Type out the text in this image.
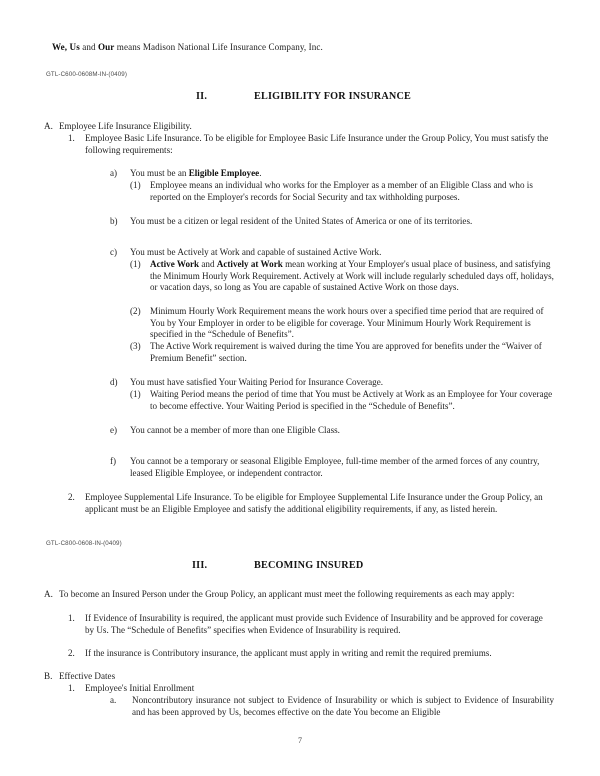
We, Us and Our means Madison National Life Insurance Company, Inc.
GTL-C600-0608M-IN-(0409)
II.	ELIGIBILITY FOR INSURANCE
A. Employee Life Insurance Eligibility.
1.	Employee Basic Life Insurance. To be eligible for Employee Basic Life Insurance under the Group Policy, You must satisfy the following requirements:
a)	You must be an Eligible Employee.
(1)	Employee means an individual who works for the Employer as a member of an Eligible Class and who is reported on the Employer's records for Social Security and tax withholding purposes.
b)	You must be a citizen or legal resident of the United States of America or one of its territories.
c)	You must be Actively at Work and capable of sustained Active Work.
(1)	Active Work and Actively at Work mean working at Your Employer's usual place of business, and satisfying the Minimum Hourly Work Requirement. Actively at Work will include regularly scheduled days off, holidays, or vacation days, so long as You are capable of sustained Active Work on those days.
(2)	Minimum Hourly Work Requirement means the work hours over a specified time period that are required of You by Your Employer in order to be eligible for coverage. Your Minimum Hourly Work Requirement is specified in the “Schedule of Benefits”.
(3)	The Active Work requirement is waived during the time You are approved for benefits under the “Waiver of Premium Benefit” section.
d)	You must have satisfied Your Waiting Period for Insurance Coverage.
(1)	Waiting Period means the period of time that You must be Actively at Work as an Employee for Your coverage to become effective. Your Waiting Period is specified in the “Schedule of Benefits”.
e)	You cannot be a member of more than one Eligible Class.
f)	You cannot be a temporary or seasonal Eligible Employee, full-time member of the armed forces of any country, leased Eligible Employee, or independent contractor.
2.	Employee Supplemental Life Insurance. To be eligible for Employee Supplemental Life Insurance under the Group Policy, an applicant must be an Eligible Employee and satisfy the additional eligibility requirements, if any, as listed herein.
GTL-C800-0608-IN-(0409)
III.	BECOMING INSURED
A. To become an Insured Person under the Group Policy, an applicant must meet the following requirements as each may apply:
1.	If Evidence of Insurability is required, the applicant must provide such Evidence of Insurability and be approved for coverage by Us. The “Schedule of Benefits” specifies when Evidence of Insurability is required.
2.	If the insurance is Contributory insurance, the applicant must apply in writing and remit the required premiums.
B. Effective Dates
1.	Employee's Initial Enrollment
a.	Noncontributory insurance not subject to Evidence of Insurability or which is subject to Evidence of Insurability and has been approved by Us, becomes effective on the date You become an Eligible
7
